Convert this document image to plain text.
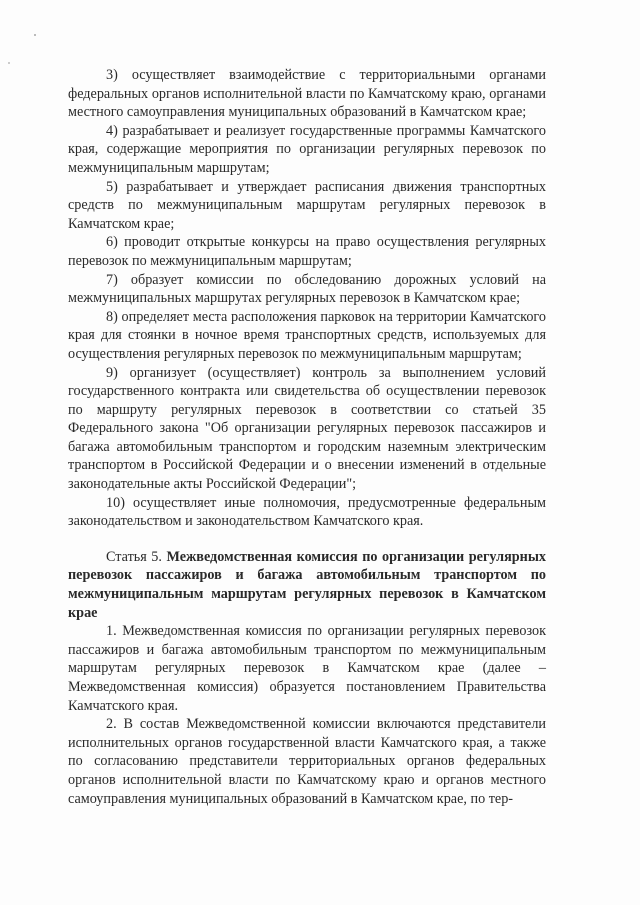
3) осуществляет взаимодействие с территориальными органами федеральных органов исполнительной власти по Камчатскому краю, органами местного самоуправления муниципальных образований в Камчатском крае;

4) разрабатывает и реализует государственные программы Камчатского края, содержащие мероприятия по организации регулярных перевозок по межмуниципальным маршрутам;

5) разрабатывает и утверждает расписания движения транспортных средств по межмуниципальным маршрутам регулярных перевозок в Камчатском крае;

6) проводит открытые конкурсы на право осуществления регулярных перевозок по межмуниципальным маршрутам;

7) образует комиссии по обследованию дорожных условий на межмуниципальных маршрутах регулярных перевозок в Камчатском крае;

8) определяет места расположения парковок на территории Камчатского края для стоянки в ночное время транспортных средств, используемых для осуществления регулярных перевозок по межмуниципальным маршрутам;

9) организует (осуществляет) контроль за выполнением условий государственного контракта или свидетельства об осуществлении перевозок по маршруту регулярных перевозок в соответствии со статьей 35 Федерального закона "Об организации регулярных перевозок пассажиров и багажа автомобильным транспортом и городским наземным электрическим транспортом в Российской Федерации и о внесении изменений в отдельные законодательные акты Российской Федерации";

10) осуществляет иные полномочия, предусмотренные федеральным законодательством и законодательством Камчатского края.

Статья 5. Межведомственная комиссия по организации регулярных перевозок пассажиров и багажа автомобильным транспортом по межмуниципальным маршрутам регулярных перевозок в Камчатском крае

1. Межведомственная комиссия по организации регулярных перевозок пассажиров и багажа автомобильным транспортом по межмуниципальным маршрутам регулярных перевозок в Камчатском крае (далее – Межведомственная комиссия) образуется постановлением Правительства Камчатского края.

2. В состав Межведомственной комиссии включаются представители исполнительных органов государственной власти Камчатского края, а также по согласованию представители территориальных органов федеральных органов исполнительной власти по Камчатскому краю и органов местного самоуправления муниципальных образований в Камчатском крае, по тер-
